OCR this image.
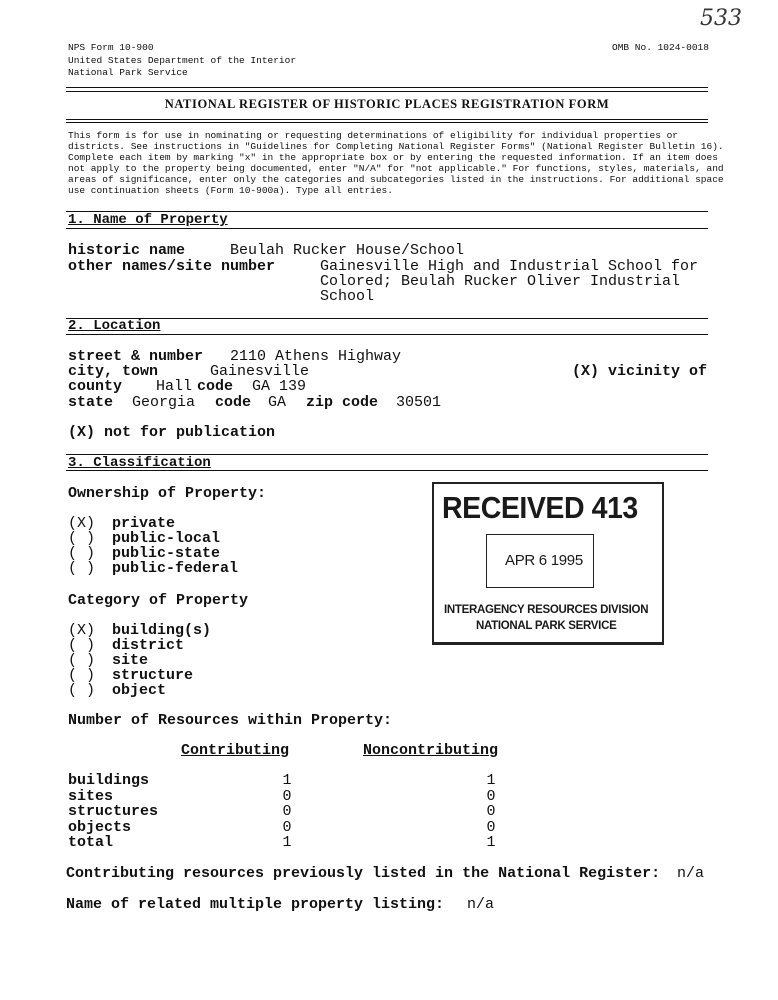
533
NPS Form 10-900	OMB No. 1024-0018
United States Department of the Interior
National Park Service
NATIONAL REGISTER OF HISTORIC PLACES REGISTRATION FORM
This form is for use in nominating or requesting determinations of eligibility for individual properties or
districts. See instructions in "Guidelines for Completing National Register Forms" (National Register Bulletin 16).
Complete each item by marking "x" in the appropriate box or by entering the requested information. If an item does
not apply to the property being documented, enter "N/A" for "not applicable." For functions, styles, materials, and
areas of significance, enter only the categories and subcategories listed in the instructions. For additional space
use continuation sheets (Form 10-900a). Type all entries.
1. Name of Property
historic name	Beulah Rucker House/School
other names/site number	Gainesville High and Industrial School for
Colored; Beulah Rucker Oliver Industrial
School
2. Location
street & number 2110 Athens Highway
city, town	Gainesville	(X) vicinity of
county Hall code GA 139
state Georgia code GA zip code 30501
(X) not for publication
3. Classification
Ownership of Property:
(X) private
( ) public-local
( ) public-state
( ) public-federal
Category of Property
(X) building(s)
( ) district
( ) site
( ) structure
( ) object
Number of Resources within Property:
Contributing	Noncontributing
buildings	1	1
sites	0	0
structures	0	0
objects	0	0
total	1	1
Contributing resources previously listed in the National Register: n/a
Name of related multiple property listing: n/a
RECEIVED 413
APR 6 1995
INTERAGENCY RESOURCES DIVISION
NATIONAL PARK SERVICE
